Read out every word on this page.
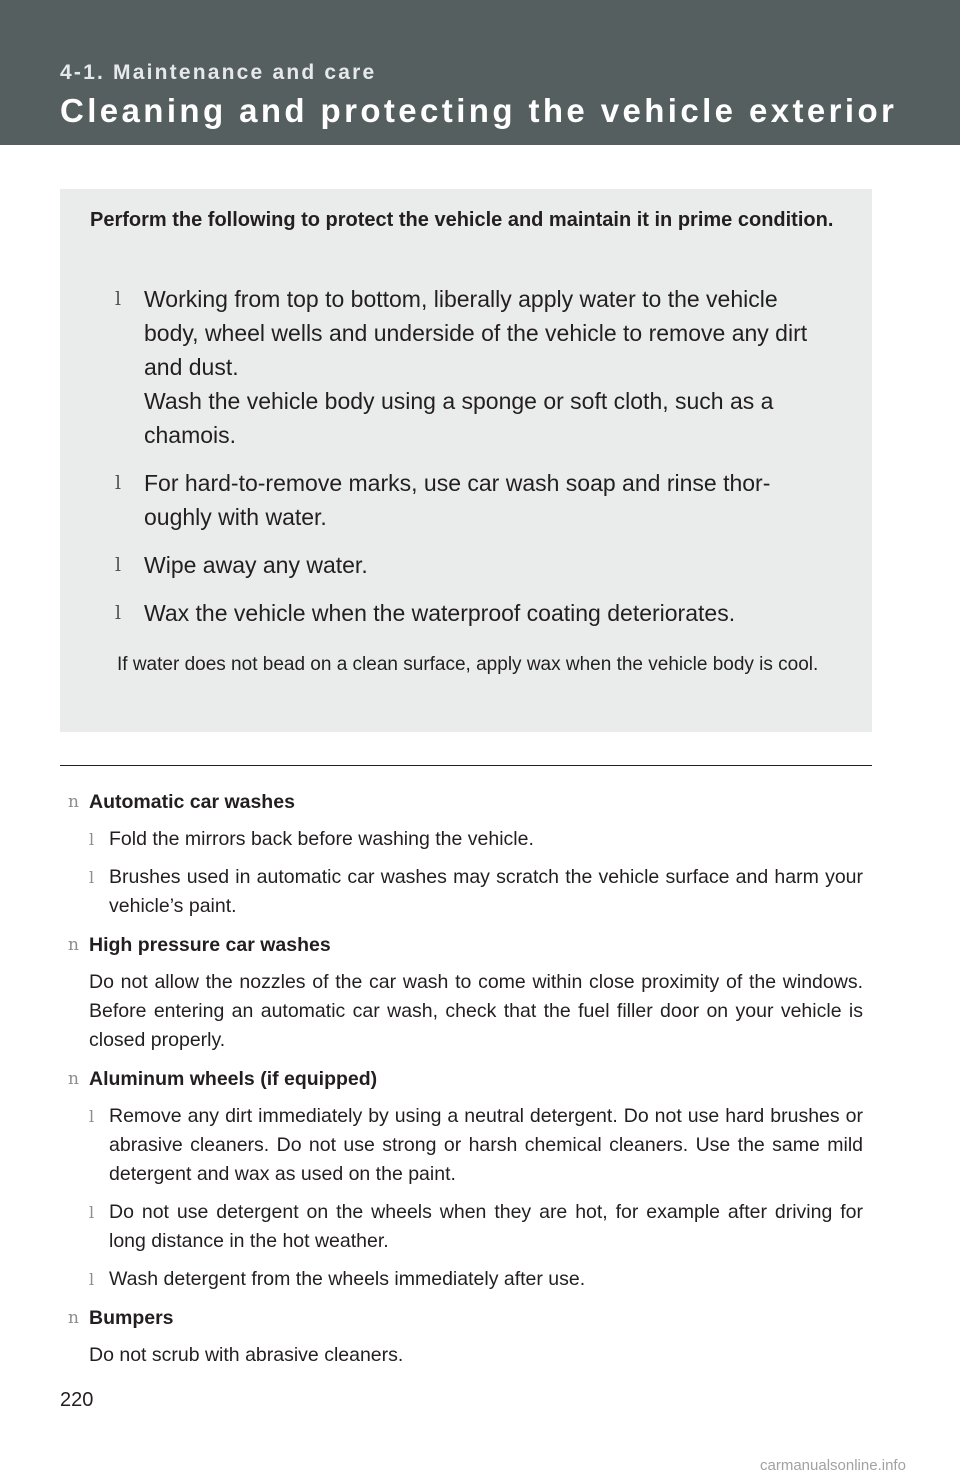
4-1. Maintenance and care
Cleaning and protecting the vehicle exterior
Perform the following to protect the vehicle and maintain it in prime condition.
l Working from top to bottom, liberally apply water to the vehicle body, wheel wells and underside of the vehicle to remove any dirt and dust.
Wash the vehicle body using a sponge or soft cloth, such as a chamois.
l For hard-to-remove marks, use car wash soap and rinse thor-oughly with water.
l Wipe away any water.
l Wax the vehicle when the waterproof coating deteriorates.
If water does not bead on a clean surface, apply wax when the vehicle body is cool.
n Automatic car washes
l Fold the mirrors back before washing the vehicle.
l Brushes used in automatic car washes may scratch the vehicle surface and harm your vehicle’s paint.
n High pressure car washes
Do not allow the nozzles of the car wash to come within close proximity of the windows. Before entering an automatic car wash, check that the fuel filler door on your vehicle is closed properly.
n Aluminum wheels (if equipped)
l Remove any dirt immediately by using a neutral detergent. Do not use hard brushes or abrasive cleaners. Do not use strong or harsh chemical cleaners. Use the same mild detergent and wax as used on the paint.
l Do not use detergent on the wheels when they are hot, for example after driving for long distance in the hot weather.
l Wash detergent from the wheels immediately after use.
n Bumpers
Do not scrub with abrasive cleaners.
220
carmanualsonline.info
